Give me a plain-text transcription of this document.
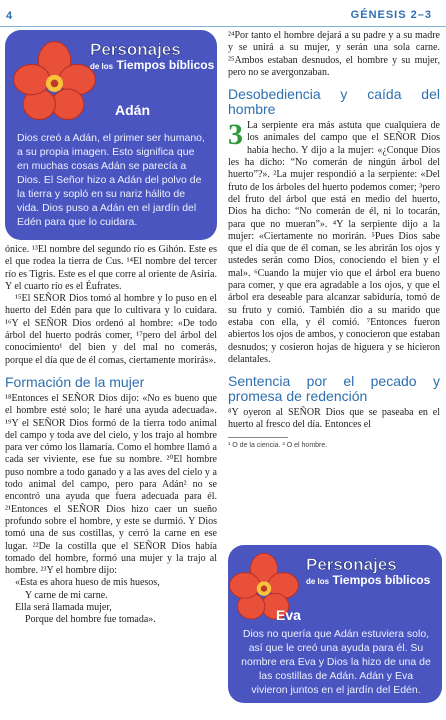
4	GÉNESIS 2–3
Personajes
de los Tiempos bíblicos
Adán
Dios creó a Adán, el primer ser humano, a su propia imagen. Esto significa que en muchas cosas Adán se parecía a Dios. El Señor hizo a Adán del polvo de la tierra y sopló en su nariz hálito de vida. Dios puso a Adán en el jardín del Edén para que lo cuidara.

ónice. ¹³El nombre del segundo río es Gihón. Este es el que rodea la tierra de Cus. ¹⁴El nombre del tercer río es Tigris. Este es el que corre al oriente de Asiria. Y el cuarto río es el Éufrates.

¹⁵El SEÑOR Dios tomó al hombre y lo puso en el huerto del Edén para que lo cultivara y lo cuidara. ¹⁶Y el SEÑOR Dios ordenó al hombre: «De todo árbol del huerto podrás comer, ¹⁷pero del árbol del conocimiento¹ del bien y del mal no comerás, porque el día que de él comas, ciertamente morirás».

Formación de la mujer

¹⁸Entonces el SEÑOR Dios dijo: «No es bueno que el hombre esté solo; le haré una ayuda adecuada». ¹⁹Y el SEÑOR Dios formó de la tierra todo animal del campo y toda ave del cielo, y los trajo al hombre para ver cómo los llamaría. Como el hombre llamó a cada ser viviente, ese fue su nombre. ²⁰El hombre puso nombre a todo ganado y a las aves del cielo y a todo animal del campo, pero para Adán² no se encontró una ayuda que fuera adecuada para él. ²¹Entonces el SEÑOR Dios hizo caer un sueño profundo sobre el hombre, y este se durmió. Y Dios tomó una de sus costillas, y cerró la carne en ese lugar. ²²De la costilla que el SEÑOR Dios había tomado del hombre, formó una mujer y la trajo al hombre. ²³Y el hombre dijo:

«Esta es ahora hueso de mis huesos,
Y carne de mi carne.
Ella será llamada mujer,
Porque del hombre fue tomada».

²⁴Por tanto el hombre dejará a su padre y a su madre y se unirá a su mujer, y serán una sola carne. ²⁵Ambos estaban desnudos, el hombre y su mujer, pero no se avergonzaban.

Desobediencia y caída del hombre

3 La serpiente era más astuta que cualquiera de los animales del campo que el SEÑOR Dios había hecho. Y dijo a la mujer: «¿Conque Dios les ha dicho: “No comerán de ningún árbol del huerto”?». ²La mujer respondió a la serpiente: «Del fruto de los árboles del huerto podemos comer; ³pero del fruto del árbol que está en medio del huerto, Dios ha dicho: “No comerán de él, ni lo tocarán, para que no mueran”». ⁴Y la serpiente dijo a la mujer: «Ciertamente no morirán. ⁵Pues Dios sabe que el día que de él coman, se les abrirán los ojos y ustedes serán como Dios, conociendo el bien y el mal». ⁶Cuando la mujer vio que el árbol era bueno para comer, y que era agradable a los ojos, y que el árbol era deseable para alcanzar sabiduría, tomó de su fruto y comió. También dio a su marido que estaba con ella, y él comió. ⁷Entonces fueron abiertos los ojos de ambos, y conocieron que estaban desnudos; y cosieron hojas de higuera y se hicieron delantales.

Sentencia por el pecado y promesa de redención

⁸Y oyeron al SEÑOR Dios que se paseaba en el huerto al fresco del día. Entonces el

¹ O de la ciencia. ² O el hombre.
Personajes
de los Tiempos bíblicos
Eva
Dios no quería que Adán estuviera solo, así que le creó una ayuda para él. Su nombre era Eva y Dios la hizo de una de las costillas de Adán. Adán y Eva vivieron juntos en el jardín del Edén.
